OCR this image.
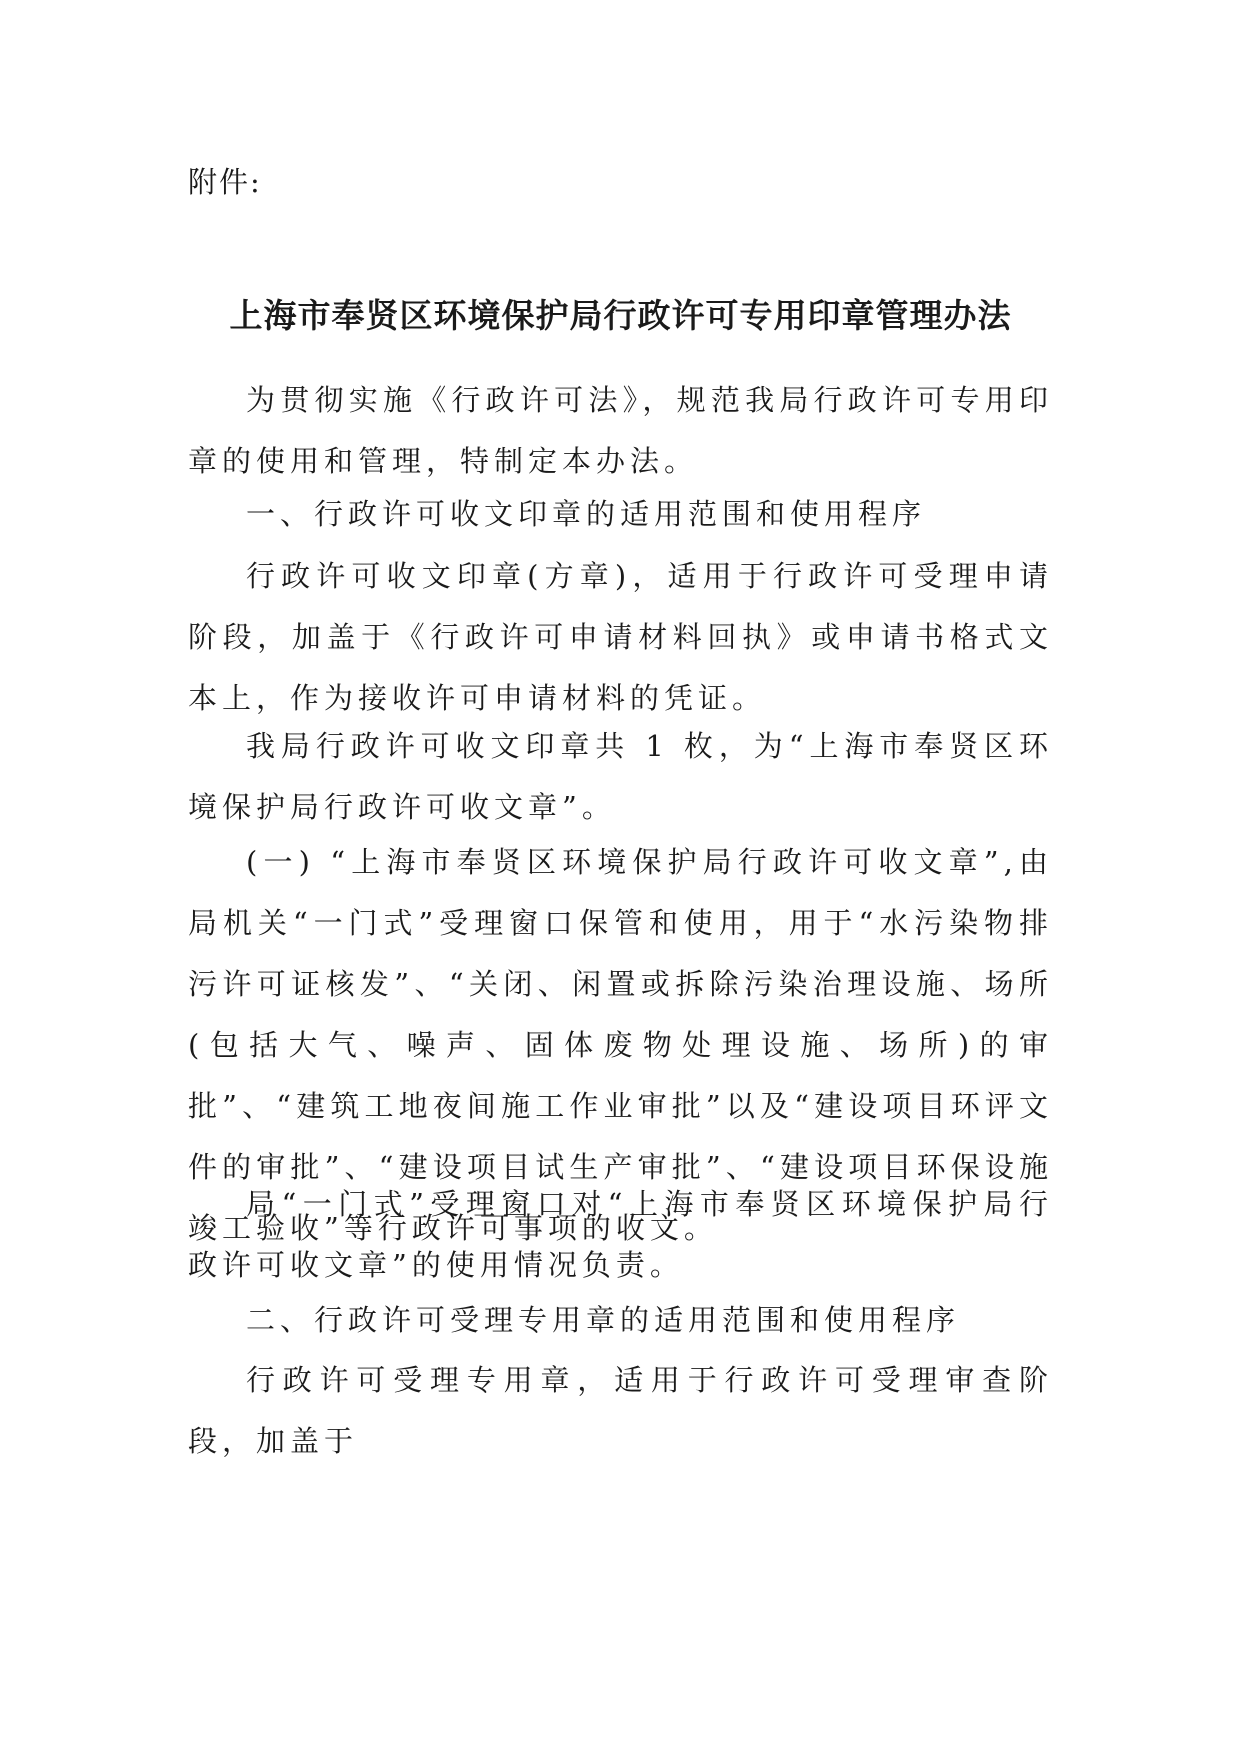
附件:
上海市奉贤区环境保护局行政许可专用印章管理办法

为贯彻实施《行政许可法》，规范我局行政许可专用印章的使用和管理，特制定本办法。

一、行政许可收文印章的适用范围和使用程序

行政许可收文印章(方章)，适用于行政许可受理申请阶段，加盖于《行政许可申请材料回执》或申请书格式文本上，作为接收许可申请材料的凭证。

我局行政许可收文印章共 1 枚，为“上海市奉贤区环境保护局行政许可收文章”。

(一) “上海市奉贤区环境保护局行政许可收文章”,由局机关“一门式”受理窗口保管和使用，用于“水污染物排污许可证核发”、“关闭、闲置或拆除污染治理设施、场所(包括大气、噪声、固体废物处理设施、场所)的审批”、“建筑工地夜间施工作业审批”以及“建设项目环评文件的审批”、“建设项目试生产审批”、“建设项目环保设施竣工验收”等行政许可事项的收文。

局“一门式”受理窗口对“上海市奉贤区环境保护局行政许可收文章”的使用情况负责。

二、行政许可受理专用章的适用范围和使用程序

行政许可受理专用章，适用于行政许可受理审查阶段，加盖于
